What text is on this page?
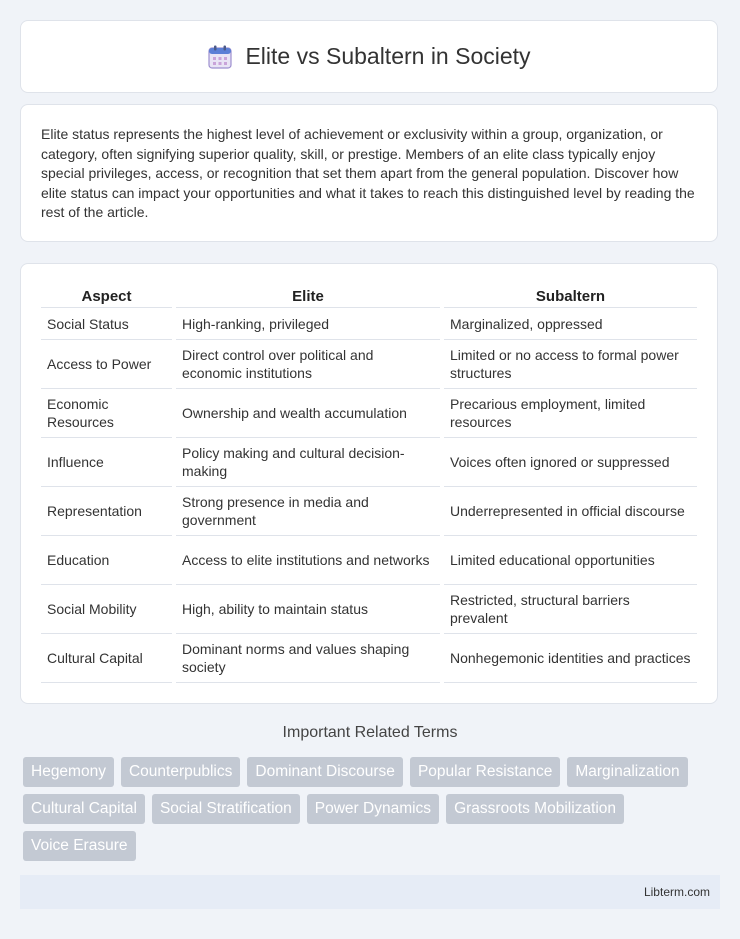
Elite vs Subaltern in Society

Elite status represents the highest level of achievement or exclusivity within a group, organization, or category, often signifying superior quality, skill, or prestige. Members of an elite class typically enjoy special privileges, access, or recognition that set them apart from the general population. Discover how elite status can impact your opportunities and what it takes to reach this distinguished level by reading the rest of the article.

Aspect	Elite	Subaltern
Social Status	High-ranking, privileged	Marginalized, oppressed
Access to Power	Direct control over political and economic institutions	Limited or no access to formal power structures
Economic Resources	Ownership and wealth accumulation	Precarious employment, limited resources
Influence	Policy making and cultural decision-making	Voices often ignored or suppressed
Representation	Strong presence in media and government	Underrepresented in official discourse
Education	Access to elite institutions and networks	Limited educational opportunities
Social Mobility	High, ability to maintain status	Restricted, structural barriers prevalent
Cultural Capital	Dominant norms and values shaping society	Nonhegemonic identities and practices
Important Related Terms
Hegemony	Counterpublics	Dominant Discourse	Popular Resistance	Marginalization
Cultural Capital	Social Stratification	Power Dynamics	Grassroots Mobilization
Voice Erasure
Libterm.com
